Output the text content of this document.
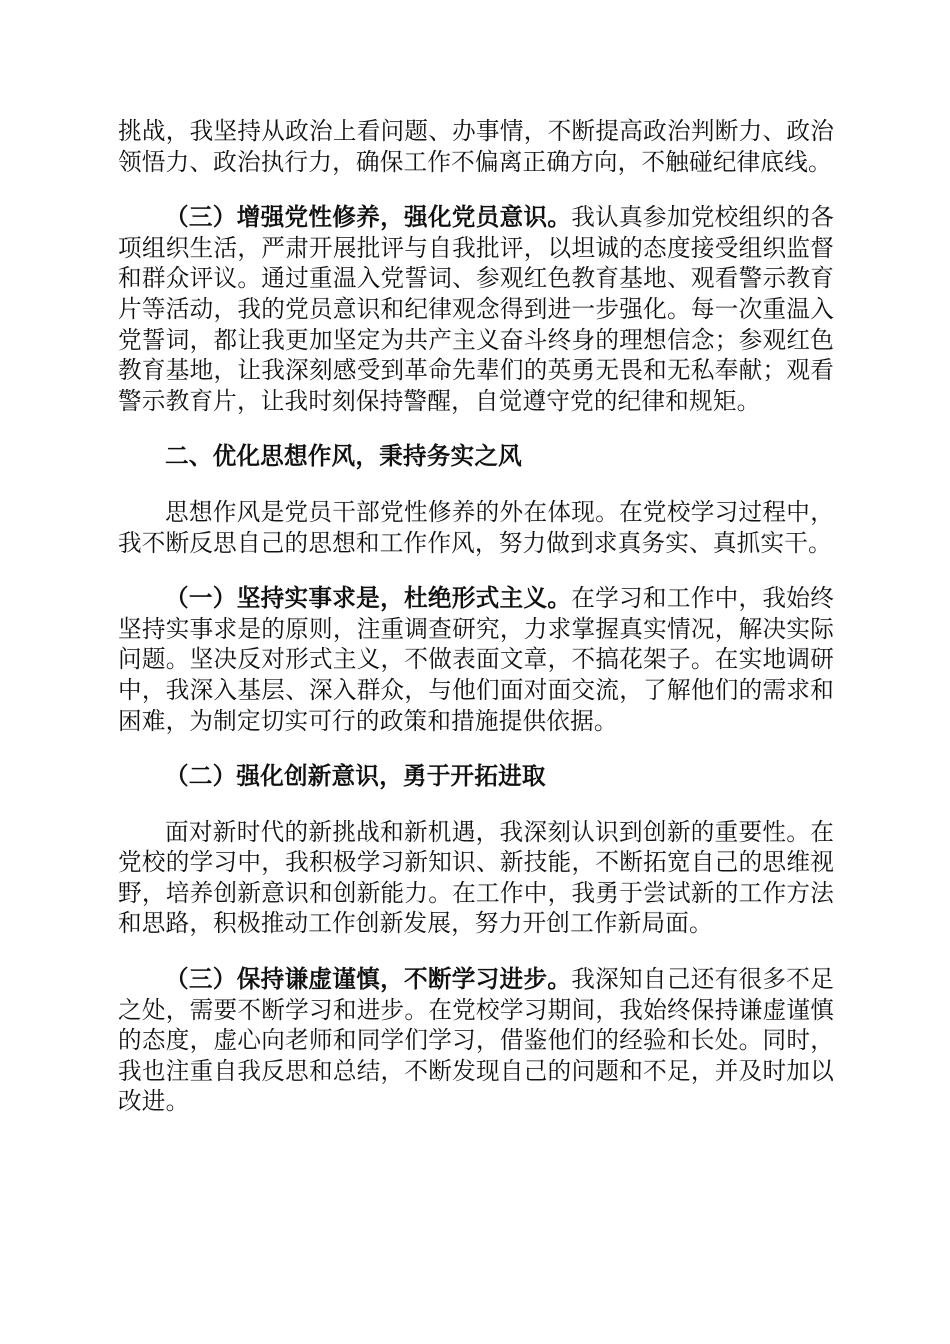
挑战，我坚持从政治上看问题、办事情，不断提高政治判断力、政治领悟力、政治执行力，确保工作不偏离正确方向，不触碰纪律底线。

（三）增强党性修养，强化党员意识。我认真参加党校组织的各项组织生活，严肃开展批评与自我批评，以坦诚的态度接受组织监督和群众评议。通过重温入党誓词、参观红色教育基地、观看警示教育片等活动，我的党员意识和纪律观念得到进一步强化。每一次重温入党誓词，都让我更加坚定为共产主义奋斗终身的理想信念；参观红色教育基地，让我深刻感受到革命先辈们的英勇无畏和无私奉献；观看警示教育片，让我时刻保持警醒，自觉遵守党的纪律和规矩。

二、优化思想作风，秉持务实之风

思想作风是党员干部党性修养的外在体现。在党校学习过程中，我不断反思自己的思想和工作作风，努力做到求真务实、真抓实干。

（一）坚持实事求是，杜绝形式主义。在学习和工作中，我始终坚持实事求是的原则，注重调查研究，力求掌握真实情况，解决实际问题。坚决反对形式主义，不做表面文章，不搞花架子。在实地调研中，我深入基层、深入群众，与他们面对面交流，了解他们的需求和困难，为制定切实可行的政策和措施提供依据。

（二）强化创新意识，勇于开拓进取

面对新时代的新挑战和新机遇，我深刻认识到创新的重要性。在党校的学习中，我积极学习新知识、新技能，不断拓宽自己的思维视野，培养创新意识和创新能力。在工作中，我勇于尝试新的工作方法和思路，积极推动工作创新发展，努力开创工作新局面。

（三）保持谦虚谨慎，不断学习进步。我深知自己还有很多不足之处，需要不断学习和进步。在党校学习期间，我始终保持谦虚谨慎的态度，虚心向老师和同学们学习，借鉴他们的经验和长处。同时，我也注重自我反思和总结，不断发现自己的问题和不足，并及时加以改进。
